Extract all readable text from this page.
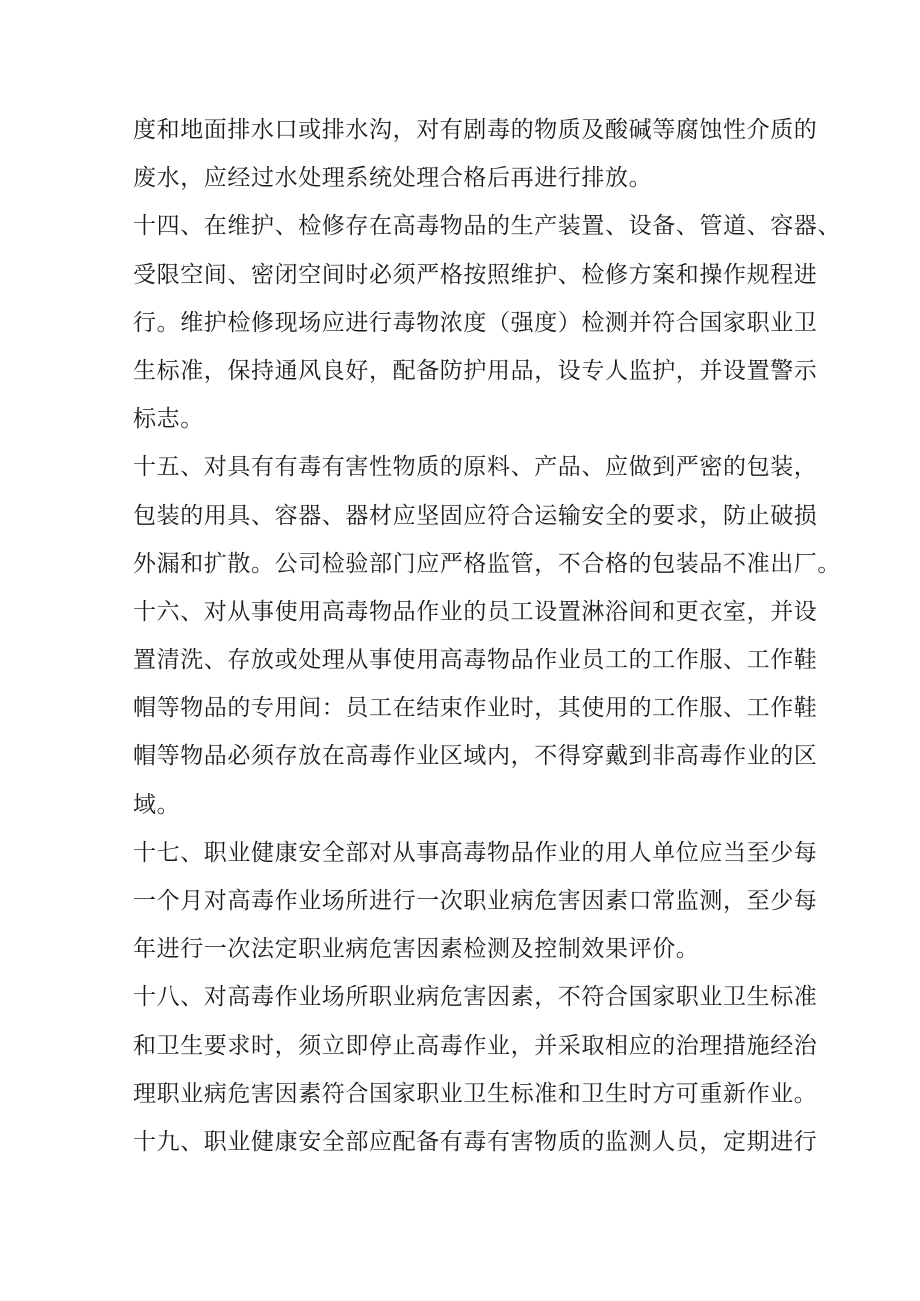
度和地面排水口或排水沟，对有剧毒的物质及酸碱等腐蚀性介质的
废水，应经过水处理系统处理合格后再进行排放。
十四、在维护、检修存在高毒物品的生产装置、设备、管道、容器、
受限空间、密闭空间时必须严格按照维护、检修方案和操作规程进
行。维护检修现场应进行毒物浓度（强度）检测并符合国家职业卫
生标准，保持通风良好，配备防护用品，设专人监护，并设置警示
标志。
十五、对具有有毒有害性物质的原料、产品、应做到严密的包装，
包装的用具、容器、器材应坚固应符合运输安全的要求，防止破损
外漏和扩散。公司检验部门应严格监管，不合格的包装品不准出厂。
十六、对从事使用高毒物品作业的员工设置淋浴间和更衣室，并设
置清洗、存放或处理从事使用高毒物品作业员工的工作服、工作鞋
帽等物品的专用间：员工在结束作业时，其使用的工作服、工作鞋
帽等物品必须存放在高毒作业区域内，不得穿戴到非高毒作业的区
域。
十七、职业健康安全部对从事高毒物品作业的用人单位应当至少每
一个月对高毒作业场所进行一次职业病危害因素口常监测，至少每
年进行一次法定职业病危害因素检测及控制效果评价。
十八、对高毒作业场所职业病危害因素，不符合国家职业卫生标准
和卫生要求时，须立即停止高毒作业，并采取相应的治理措施经治
理职业病危害因素符合国家职业卫生标准和卫生时方可重新作业。
十九、职业健康安全部应配备有毒有害物质的监测人员，定期进行
